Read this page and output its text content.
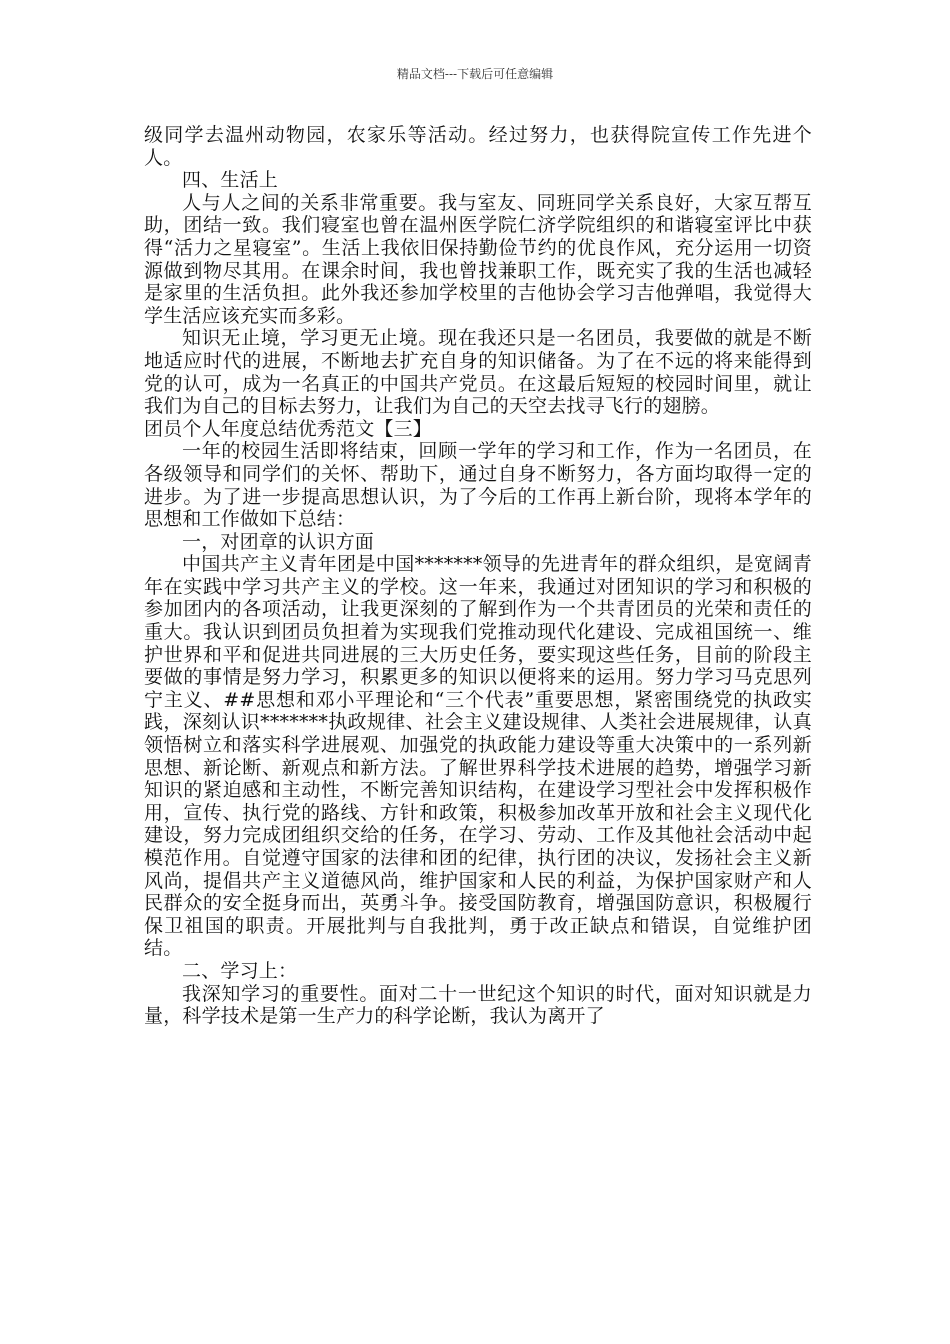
精品文档---下载后可任意编辑

级同学去温州动物园，农家乐等活动。经过努力，也获得院宣传工作先进个人。

四、生活上

人与人之间的关系非常重要。我与室友、同班同学关系良好，大家互帮互助，团结一致。我们寝室也曾在温州医学院仁济学院组织的和谐寝室评比中获得“活力之星寝室”。生活上我依旧保持勤俭节约的优良作风，充分运用一切资源做到物尽其用。在课余时间，我也曾找兼职工作，既充实了我的生活也减轻是家里的生活负担。此外我还参加学校里的吉他协会学习吉他弹唱，我觉得大学生活应该充实而多彩。

知识无止境，学习更无止境。现在我还只是一名团员，我要做的就是不断地适应时代的进展，不断地去扩充自身的知识储备。为了在不远的将来能得到党的认可，成为一名真正的中国共产党员。在这最后短短的校园时间里，就让我们为自己的目标去努力，让我们为自己的天空去找寻飞行的翅膀。

团员个人年度总结优秀范文【三】

一年的校园生活即将结束，回顾一学年的学习和工作，作为一名团员，在各级领导和同学们的关怀、帮助下，通过自身不断努力，各方面均取得一定的进步。为了进一步提高思想认识，为了今后的工作再上新台阶，现将本学年的思想和工作做如下总结：

一，对团章的认识方面

中国共产主义青年团是中国*******领导的先进青年的群众组织，是宽阔青年在实践中学习共产主义的学校。这一年来，我通过对团知识的学习和积极的参加团内的各项活动，让我更深刻的了解到作为一个共青团员的光荣和责任的重大。我认识到团员负担着为实现我们党推动现代化建设、完成祖国统一、维护世界和平和促进共同进展的三大历史任务，要实现这些任务，目前的阶段主要做的事情是努力学习，积累更多的知识以便将来的运用。努力学习马克思列宁主义、##思想和邓小平理论和“三个代表”重要思想，紧密围绕党的执政实践，深刻认识*******执政规律、社会主义建设规律、人类社会进展规律，认真领悟树立和落实科学进展观、加强党的执政能力建设等重大决策中的一系列新思想、新论断、新观点和新方法。了解世界科学技术进展的趋势，增强学习新知识的紧迫感和主动性，不断完善知识结构，在建设学习型社会中发挥积极作用，宣传、执行党的路线、方针和政策，积极参加改革开放和社会主义现代化建设，努力完成团组织交给的任务，在学习、劳动、工作及其他社会活动中起模范作用。自觉遵守国家的法律和团的纪律，执行团的决议，发扬社会主义新风尚，提倡共产主义道德风尚，维护国家和人民的利益，为保护国家财产和人民群众的安全挺身而出，英勇斗争。接受国防教育，增强国防意识，积极履行保卫祖国的职责。开展批判与自我批判，勇于改正缺点和错误，自觉维护团结。

二、学习上：

我深知学习的重要性。面对二十一世纪这个知识的时代，面对知识就是力量，科学技术是第一生产力的科学论断，我认为离开了
